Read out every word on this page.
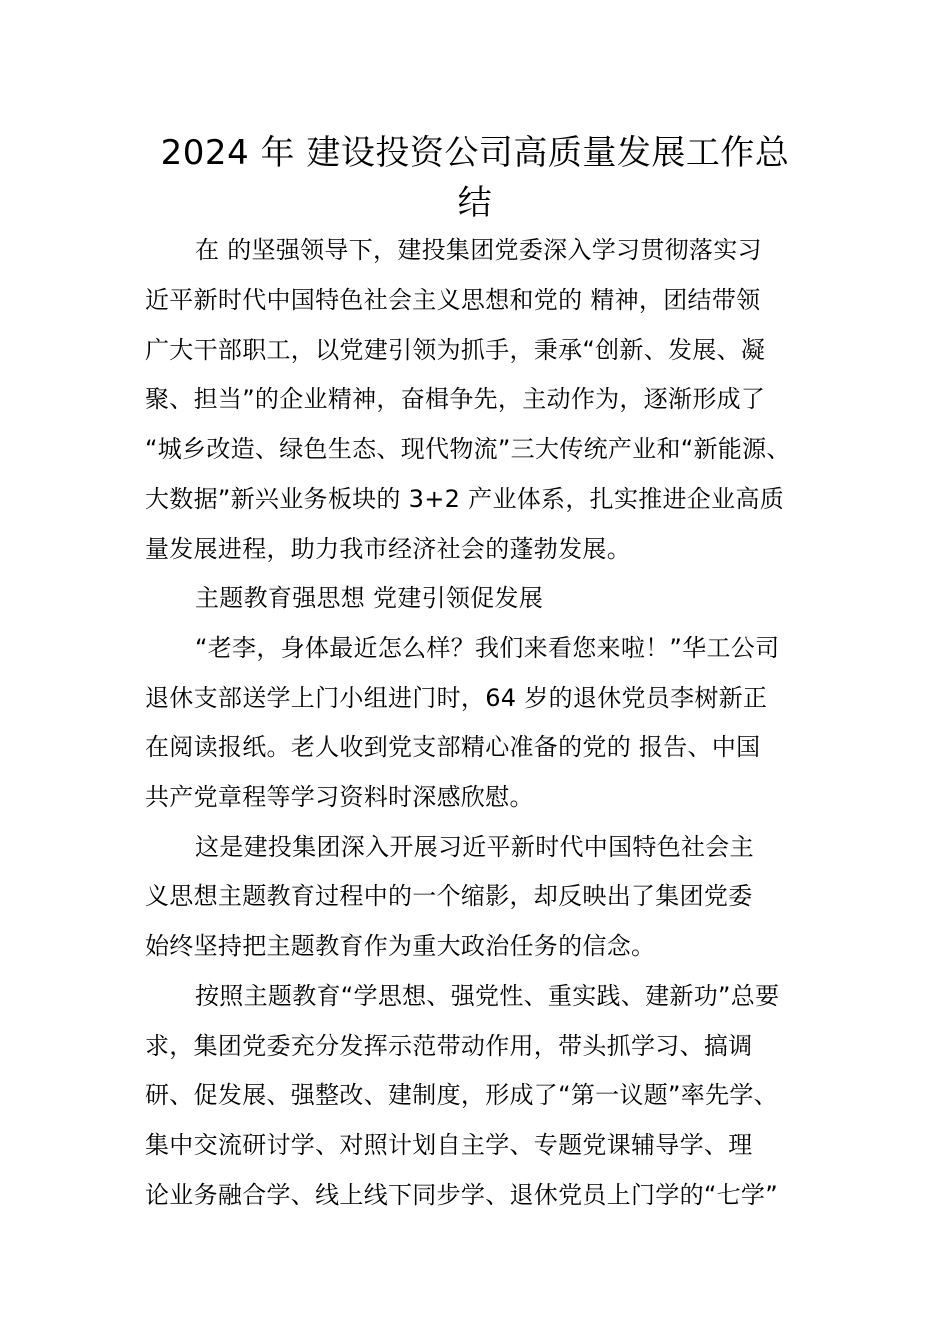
2024 年 建设投资公司高质量发展工作总
结
在 的坚强领导下，建投集团党委深入学习贯彻落实习
近平新时代中国特色社会主义思想和党的 精神，团结带领
广大干部职工，以党建引领为抓手，秉承“创新、发展、凝
聚、担当”的企业精神，奋楫争先，主动作为，逐渐形成了
“城乡改造、绿色生态、现代物流”三大传统产业和“新能源、
大数据”新兴业务板块的 3+2 产业体系，扎实推进企业高质
量发展进程，助力我市经济社会的蓬勃发展。
主题教育强思想 党建引领促发展
“老李，身体最近怎么样？我们来看您来啦！”华工公司
退休支部送学上门小组进门时，64 岁的退休党员李树新正
在阅读报纸。老人收到党支部精心准备的党的 报告、中国
共产党章程等学习资料时深感欣慰。
这是建投集团深入开展习近平新时代中国特色社会主
义思想主题教育过程中的一个缩影，却反映出了集团党委
始终坚持把主题教育作为重大政治任务的信念。
按照主题教育“学思想、强党性、重实践、建新功”总要
求，集团党委充分发挥示范带动作用，带头抓学习、搞调
研、促发展、强整改、建制度，形成了“第一议题”率先学、
集中交流研讨学、对照计划自主学、专题党课辅导学、理
论业务融合学、线上线下同步学、退休党员上门学的“七学”
